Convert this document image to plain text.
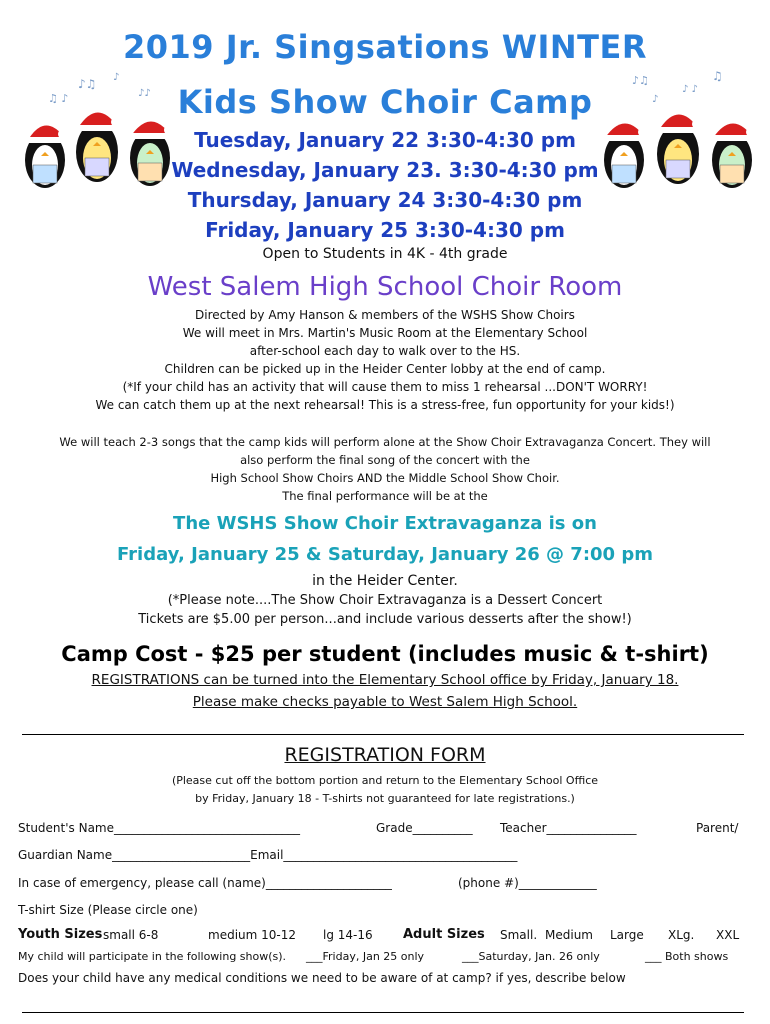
♪♫ ♪
♫ ♪	♪♪
♪♫
♪ ♪
♫
♪
2019 Jr. Singsations WINTER
Kids Show Choir Camp
Tuesday, January 22 3:30-4:30 pm
Wednesday, January 23. 3:30-4:30 pm
Thursday, January 24 3:30-4:30 pm
Friday, January 25 3:30-4:30 pm
Open to Students in 4K - 4th grade
West Salem High School Choir Room
Directed by Amy Hanson & members of the WSHS Show Choirs
We will meet in Mrs. Martin's Music Room at the Elementary School
after-school each day to walk over to the HS.
Children can be picked up in the Heider Center lobby at the end of camp.
(*If your child has an activity that will cause them to miss 1 rehearsal ...DON'T WORRY!
We can catch them up at the next rehearsal! This is a stress-free, fun opportunity for your kids!)
We will teach 2-3 songs that the camp kids will perform alone at the Show Choir Extravaganza Concert. They will
also perform the final song of the concert with the
High School Show Choirs AND the Middle School Show Choir.
The final performance will be at the
The WSHS Show Choir Extravaganza is on
Friday, January 25 & Saturday, January 26 @ 7:00 pm
in the Heider Center.
(*Please note....The Show Choir Extravaganza is a Dessert Concert
Tickets are $5.00 per person...and include various desserts after the show!)
Camp Cost - $25 per student (includes music & t-shirt)
REGISTRATIONS can be turned into the Elementary School office by Friday, January 18.
Please make checks payable to West Salem High School.
REGISTRATION FORM
(Please cut off the bottom portion and return to the Elementary School Office
by Friday, January 18 - T-shirts not guaranteed for late registrations.)
Student's Name_______________________________	Grade__________ Teacher_______________	Parent/
Guardian Name_______________________Email_______________________________________
In case of emergency, please call (name)_____________________	(phone #)_____________
T-shirt Size (Please circle one)
Youth Sizes small 6-8	medium 10-12 lg 14-16 Adult Sizes Small. Medium Large XLg. XXL
My child will participate in the following show(s). ___Friday, Jan 25 only	___Saturday, Jan. 26 only	___ Both shows
Does your child have any medical conditions we need to be aware of at camp? if yes, describe below
